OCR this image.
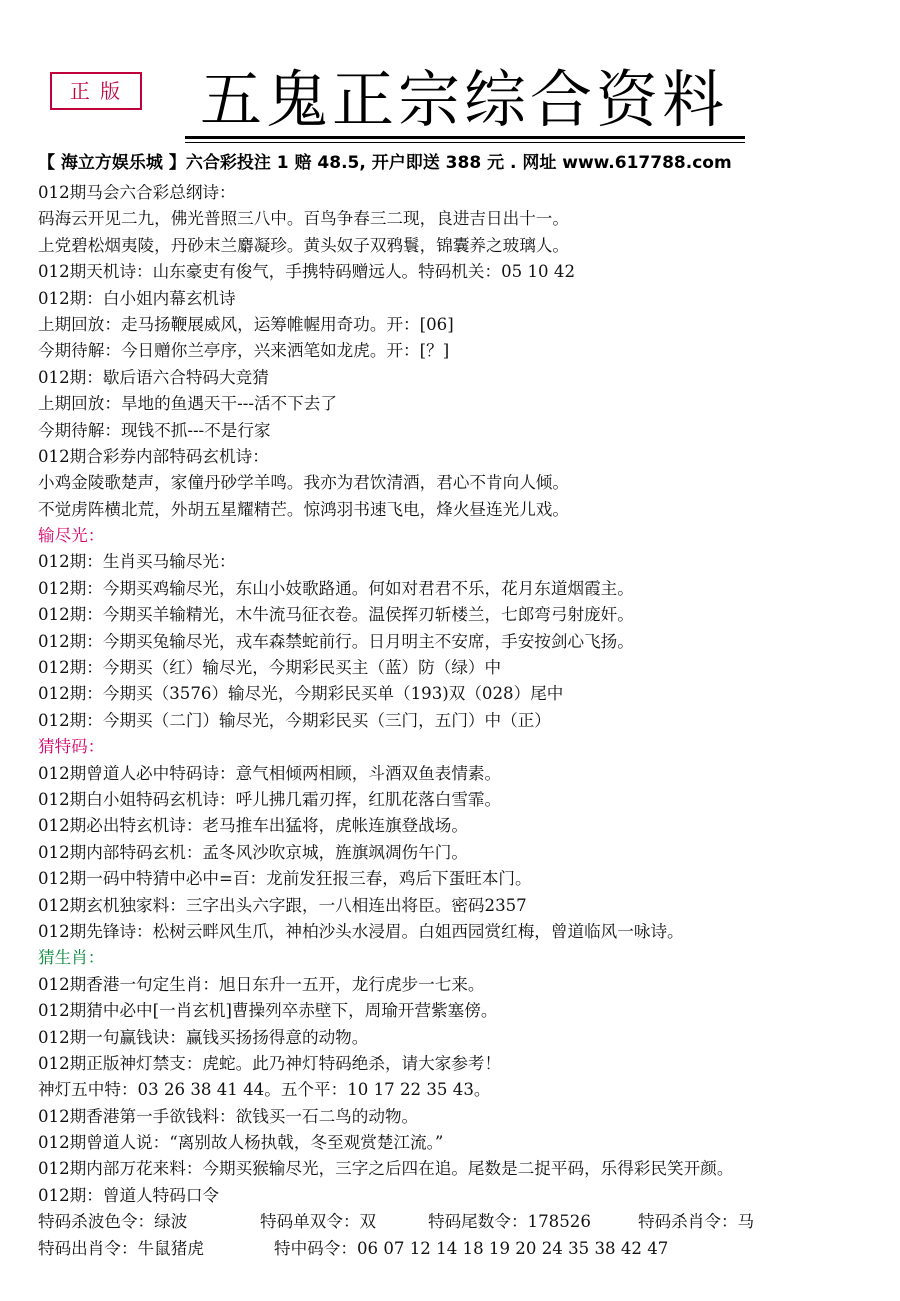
正 版	五鬼正宗综合资料
【 海立方娱乐城 】六合彩投注 1 赔 48.5, 开户即送 388 元 . 网址 www.617788.com
012期马会六合彩总纲诗：
码海云开见二九，佛光普照三八中。百鸟争春三二现，良进吉日出十一。
上党碧松烟夷陵，丹砂末兰麝凝珍。黄头奴子双鸦鬟，锦囊养之玻璃人。
012期天机诗：山东豪吏有俊气，手携特码赠远人。特码机关：05 10 42
012期：白小姐内幕玄机诗
上期回放：走马扬鞭展威风，运筹帷幄用奇功。开：[06]
今期待解：今日赠你兰亭序，兴来洒笔如龙虎。开：[？]
012期：歇后语六合特码大竞猜
上期回放：旱地的鱼遇天干---活不下去了
今期待解：现钱不抓---不是行家
012期合彩券内部特码玄机诗：
小鸡金陵歌楚声，家僮丹砂学羊鸣。我亦为君饮清酒，君心不肯向人倾。
不觉虏阵横北荒，外胡五星耀精芒。惊鸿羽书速飞电，烽火昼连光儿戏。
输尽光：
012期：生肖买马输尽光：
012期：今期买鸡输尽光，东山小妓歌路通。何如对君君不乐，花月东道烟霞主。
012期：今期买羊输精光，木牛流马征衣卷。温侯挥刃斩楼兰，七郎弯弓射庞奸。
012期：今期买兔输尽光，戎车森禁蛇前行。日月明主不安席，手安按剑心飞扬。
012期：今期买（红）输尽光，今期彩民买主（蓝）防（绿）中
012期：今期买（3576）输尽光，今期彩民买单（193)双（028）尾中
012期：今期买（二门）输尽光，今期彩民买（三门，五门）中（正）
猜特码：
012期曾道人必中特码诗：意气相倾两相顾，斗酒双鱼表情素。
012期白小姐特码玄机诗：呼儿拂几霜刃挥，红肌花落白雪霏。
012期必出特玄机诗：老马推车出猛将，虎帐连旗登战场。
012期内部特码玄机：孟冬风沙吹京城，旌旗飒凋伤午门。
012期一码中特猜中必中=百：龙前发狂报三春，鸡后下蛋旺本门。
012期玄机独家料：三字出头六字跟，一八相连出将臣。密码2357
012期先锋诗：松树云畔风生爪，神柏沙头水浸眉。白姐西园赏红梅，曾道临风一咏诗。
猜生肖：
012期香港一句定生肖：旭日东升一五开，龙行虎步一七来。
012期猜中必中[一肖玄机]曹操列卒赤壁下，周瑜开营紫塞傍。
012期一句赢钱诀：赢钱买扬扬得意的动物。
012期正版神灯禁支：虎蛇。此乃神灯特码绝杀，请大家参考！
神灯五中特：03 26 38 41 44。五个平：10 17 22 35 43。
012期香港第一手欲钱料：欲钱买一石二鸟的动物。
012期曾道人说：“离别故人杨执戟，冬至观赏楚江流。”
012期内部万花来料：今期买猴输尽光，三字之后四在追。尾数是二捉平码，乐得彩民笑开颜。
012期：曾道人特码口令
特码杀波色令：绿波	特码单双令：双	特码尾数令：178526	特码杀肖令：马
特码出肖令：牛鼠猪虎	特中码令：06 07 12 14 18 19 20 24 35 38 42 47
